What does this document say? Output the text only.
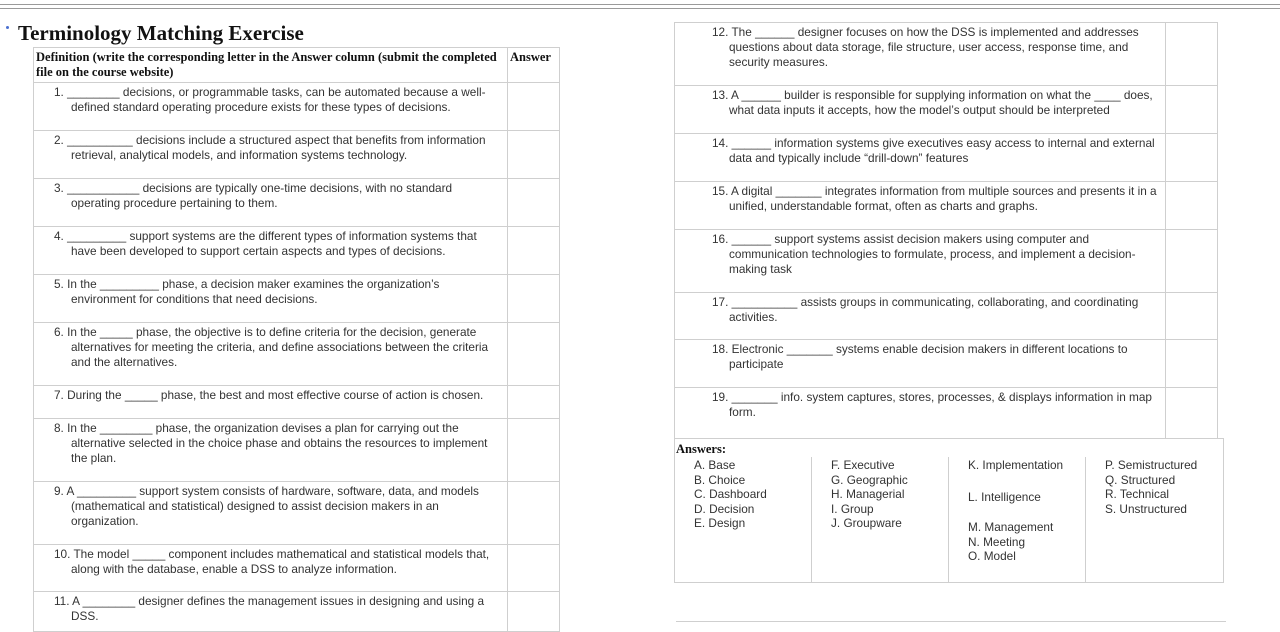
Terminology Matching Exercise
Definition (write the corresponding letter in the Answer column (submit the completed file on the course website)	Answer
1. ________ decisions, or programmable tasks, can be automated because a well-defined standard operating procedure exists for these types of decisions.	
2. __________ decisions include a structured aspect that benefits from information retrieval, analytical models, and information systems technology.	
3. ___________ decisions are typically one-time decisions, with no standard operating procedure pertaining to them.	
4. _________ support systems are the different types of information systems that have been developed to support certain aspects and types of decisions.	
5. In the _________ phase, a decision maker examines the organization’s environment for conditions that need decisions.	
6. In the _____ phase, the objective is to define criteria for the decision, generate alternatives for meeting the criteria, and define associations between the criteria and the alternatives.	
7. During the _____ phase, the best and most effective course of action is chosen.	
8. In the ________ phase, the organization devises a plan for carrying out the alternative selected in the choice phase and obtains the resources to implement the plan.	
9. A _________ support system consists of hardware, software, data, and models (mathematical and statistical) designed to assist decision makers in an organization.	
10. The model _____ component includes mathematical and statistical models that, along with the database, enable a DSS to analyze information.	
11. A ________ designer defines the management issues in designing and using a DSS.	
12. The ______ designer focuses on how the DSS is implemented and addresses questions about data storage, file structure, user access, response time, and security measures.	
13. A ______ builder is responsible for supplying information on what the ____ does, what data inputs it accepts, how the model’s output should be interpreted	
14. ______ information systems give executives easy access to internal and external data and typically include “drill-down” features	
15. A digital _______ integrates information from multiple sources and presents it in a unified, understandable format, often as charts and graphs.	
16. ______ support systems assist decision makers using computer and communication technologies to formulate, process, and implement a decision-making task	
17. __________ assists groups in communicating, collaborating, and coordinating activities.	
18. Electronic _______ systems enable decision makers in different locations to participate	
19. _______ info. system captures, stores, processes, & displays information in map form.	
Answers:
A. Base
B. Choice
C. Dashboard
D. Decision
E. Design
F. Executive
G. Geographic
H. Managerial
I. Group
J. Groupware
K. Implementation
L. Intelligence
M. Management
N. Meeting
O. Model
P. Semistructured
Q. Structured
R. Technical
S. Unstructured
